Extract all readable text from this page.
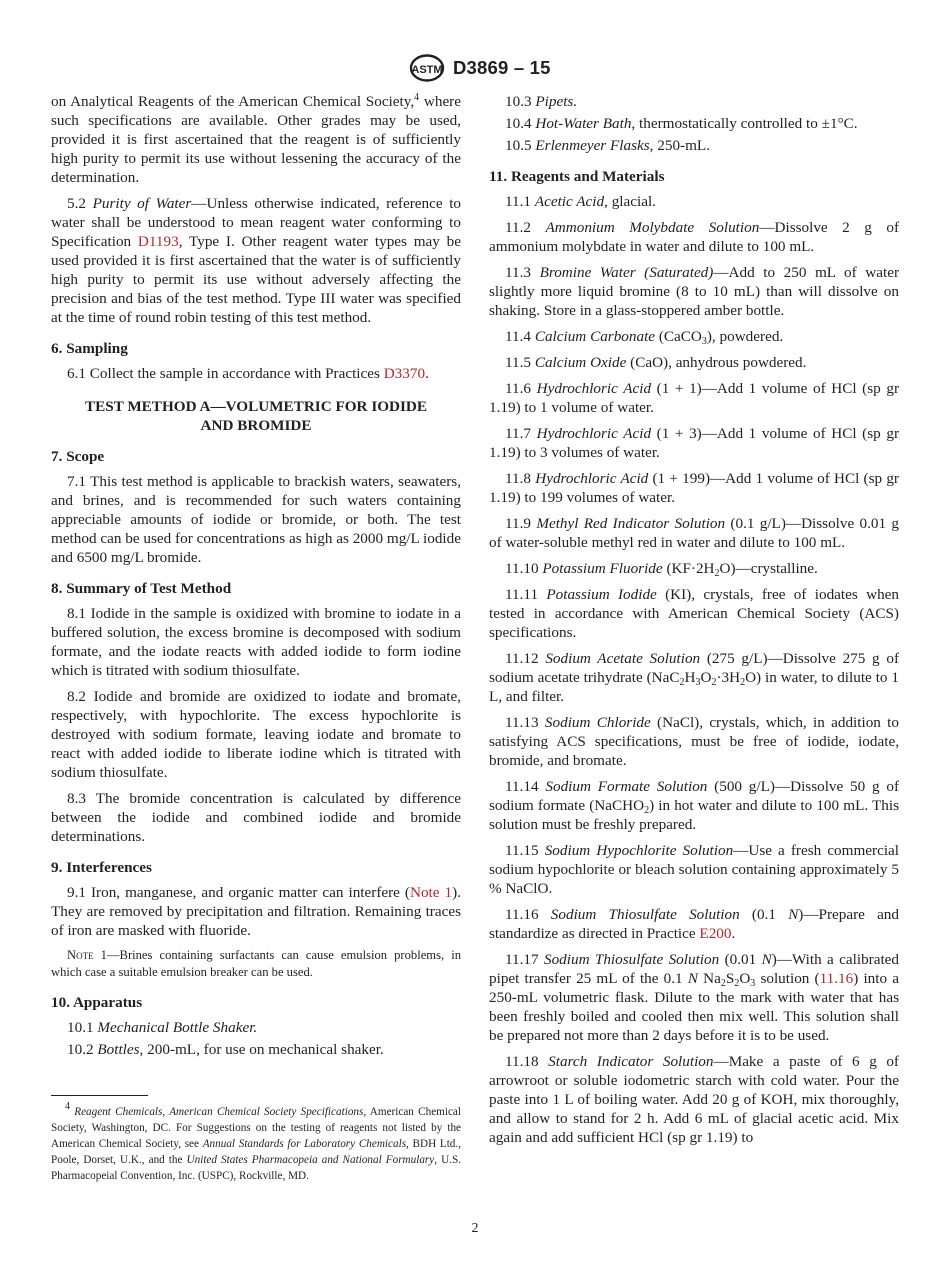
ASTM D3869 – 15

on Analytical Reagents of the American Chemical Society,$^4$ where such specifications are available. Other grades may be used, provided it is first ascertained that the reagent is of sufficiently high purity to permit its use without lessening the accuracy of the determination.

5.2 Purity of Water—Unless otherwise indicated, reference to water shall be understood to mean reagent water conforming to Specification D1193, Type I. Other reagent water types may be used provided it is first ascertained that the water is of sufficiently high purity to permit its use without adversely affecting the precision and bias of the test method. Type III water was specified at the time of round robin testing of this test method.

6. Sampling

6.1 Collect the sample in accordance with Practices D3370.

TEST METHOD A—VOLUMETRIC FOR IODIDE
AND BROMIDE
7. Scope

7.1 This test method is applicable to brackish waters, seawaters, and brines, and is recommended for such waters containing appreciable amounts of iodide or bromide, or both. The test method can be used for concentrations as high as 2000 mg/L iodide and 6500 mg/L bromide.

8. Summary of Test Method

8.1 Iodide in the sample is oxidized with bromine to iodate in a buffered solution, the excess bromine is decomposed with sodium formate, and the iodate reacts with added iodide to form iodine which is titrated with sodium thiosulfate.

8.2 Iodide and bromide are oxidized to iodate and bromate, respectively, with hypochlorite. The excess hypochlorite is destroyed with sodium formate, leaving iodate and bromate to react with added iodide to liberate iodine which is titrated with sodium thiosulfate.

8.3 The bromide concentration is calculated by difference between the iodide and combined iodide and bromide determinations.

9. Interferences

9.1 Iron, manganese, and organic matter can interfere (Note 1). They are removed by precipitation and filtration. Remaining traces of iron are masked with fluoride.

Note 1—Brines containing surfactants can cause emulsion problems, in which case a suitable emulsion breaker can be used.
10. Apparatus

10.1 Mechanical Bottle Shaker.

10.2 Bottles, 200-mL, for use on mechanical shaker.

$^4$ Reagent Chemicals, American Chemical Society Specifications, American Chemical Society, Washington, DC. For Suggestions on the testing of reagents not listed by the American Chemical Society, see Annual Standards for Laboratory Chemicals, BDH Ltd., Poole, Dorset, U.K., and the United States Pharmacopeia and National Formulary, U.S. Pharmacopeial Convention, Inc. (USPC), Rockville, MD.

10.3 Pipets.

10.4 Hot-Water Bath, thermostatically controlled to ±1°C.

10.5 Erlenmeyer Flasks, 250-mL.

11. Reagents and Materials

11.1 Acetic Acid, glacial.

11.2 Ammonium Molybdate Solution—Dissolve 2 g of ammonium molybdate in water and dilute to 100 mL.

11.3 Bromine Water (Saturated)—Add to 250 mL of water slightly more liquid bromine (8 to 10 mL) than will dissolve on shaking. Store in a glass-stoppered amber bottle.

11.4 Calcium Carbonate (CaCO$_3$), powdered.

11.5 Calcium Oxide (CaO), anhydrous powdered.

11.6 Hydrochloric Acid (1 + 1)—Add 1 volume of HCl (sp gr 1.19) to 1 volume of water.

11.7 Hydrochloric Acid (1 + 3)—Add 1 volume of HCl (sp gr 1.19) to 3 volumes of water.

11.8 Hydrochloric Acid (1 + 199)—Add 1 volume of HCl (sp gr 1.19) to 199 volumes of water.

11.9 Methyl Red Indicator Solution (0.1 g/L)—Dissolve 0.01 g of water-soluble methyl red in water and dilute to 100 mL.

11.10 Potassium Fluoride $(KF\cdot 2H_2O)—crystalline$.

11.11 Potassium Iodide (KI), crystals, free of iodates when tested in accordance with American Chemical Society (ACS) specifications.

11.12 Sodium Acetate Solution (275 g/L)—Dissolve 275 g of sodium acetate trihydrate $(NaC_2H_3O_2\cdot 3H_2O)$ in water, to dilute to 1 L, and filter.

11.13 Sodium Chloride (NaCl), crystals, which, in addition to satisfying ACS specifications, must be free of iodide, iodate, bromide, and bromate.

11.14 Sodium Formate Solution (500 g/L)—Dissolve 50 g of sodium formate (NaCHO$_2$) in hot water and dilute to 100 mL. This solution must be freshly prepared.

11.15 Sodium Hypochlorite Solution—Use a fresh commercial sodium hypochlorite or bleach solution containing approximately 5 % NaClO.

11.16 Sodium Thiosulfate Solution (0.1 N)—Prepare and standardize as directed in Practice E200.

11.17 Sodium Thiosulfate Solution (0.01 N)—With a calibrated pipet transfer 25 mL of the 0.1 N $Na_2S_2O_3$ solution (11.16) into a 250-mL volumetric flask. Dilute to the mark with water that has been freshly boiled and cooled then mix well. This solution shall be prepared not more than 2 days before it is to be used.

11.18 Starch Indicator Solution—Make a paste of 6 g of arrowroot or soluble iodometric starch with cold water. Pour the paste into 1 L of boiling water. Add 20 g of KOH, mix thoroughly, and allow to stand for 2 h. Add 6 mL of glacial acetic acid. Mix again and add sufficient HCl (sp gr 1.19) to

2
